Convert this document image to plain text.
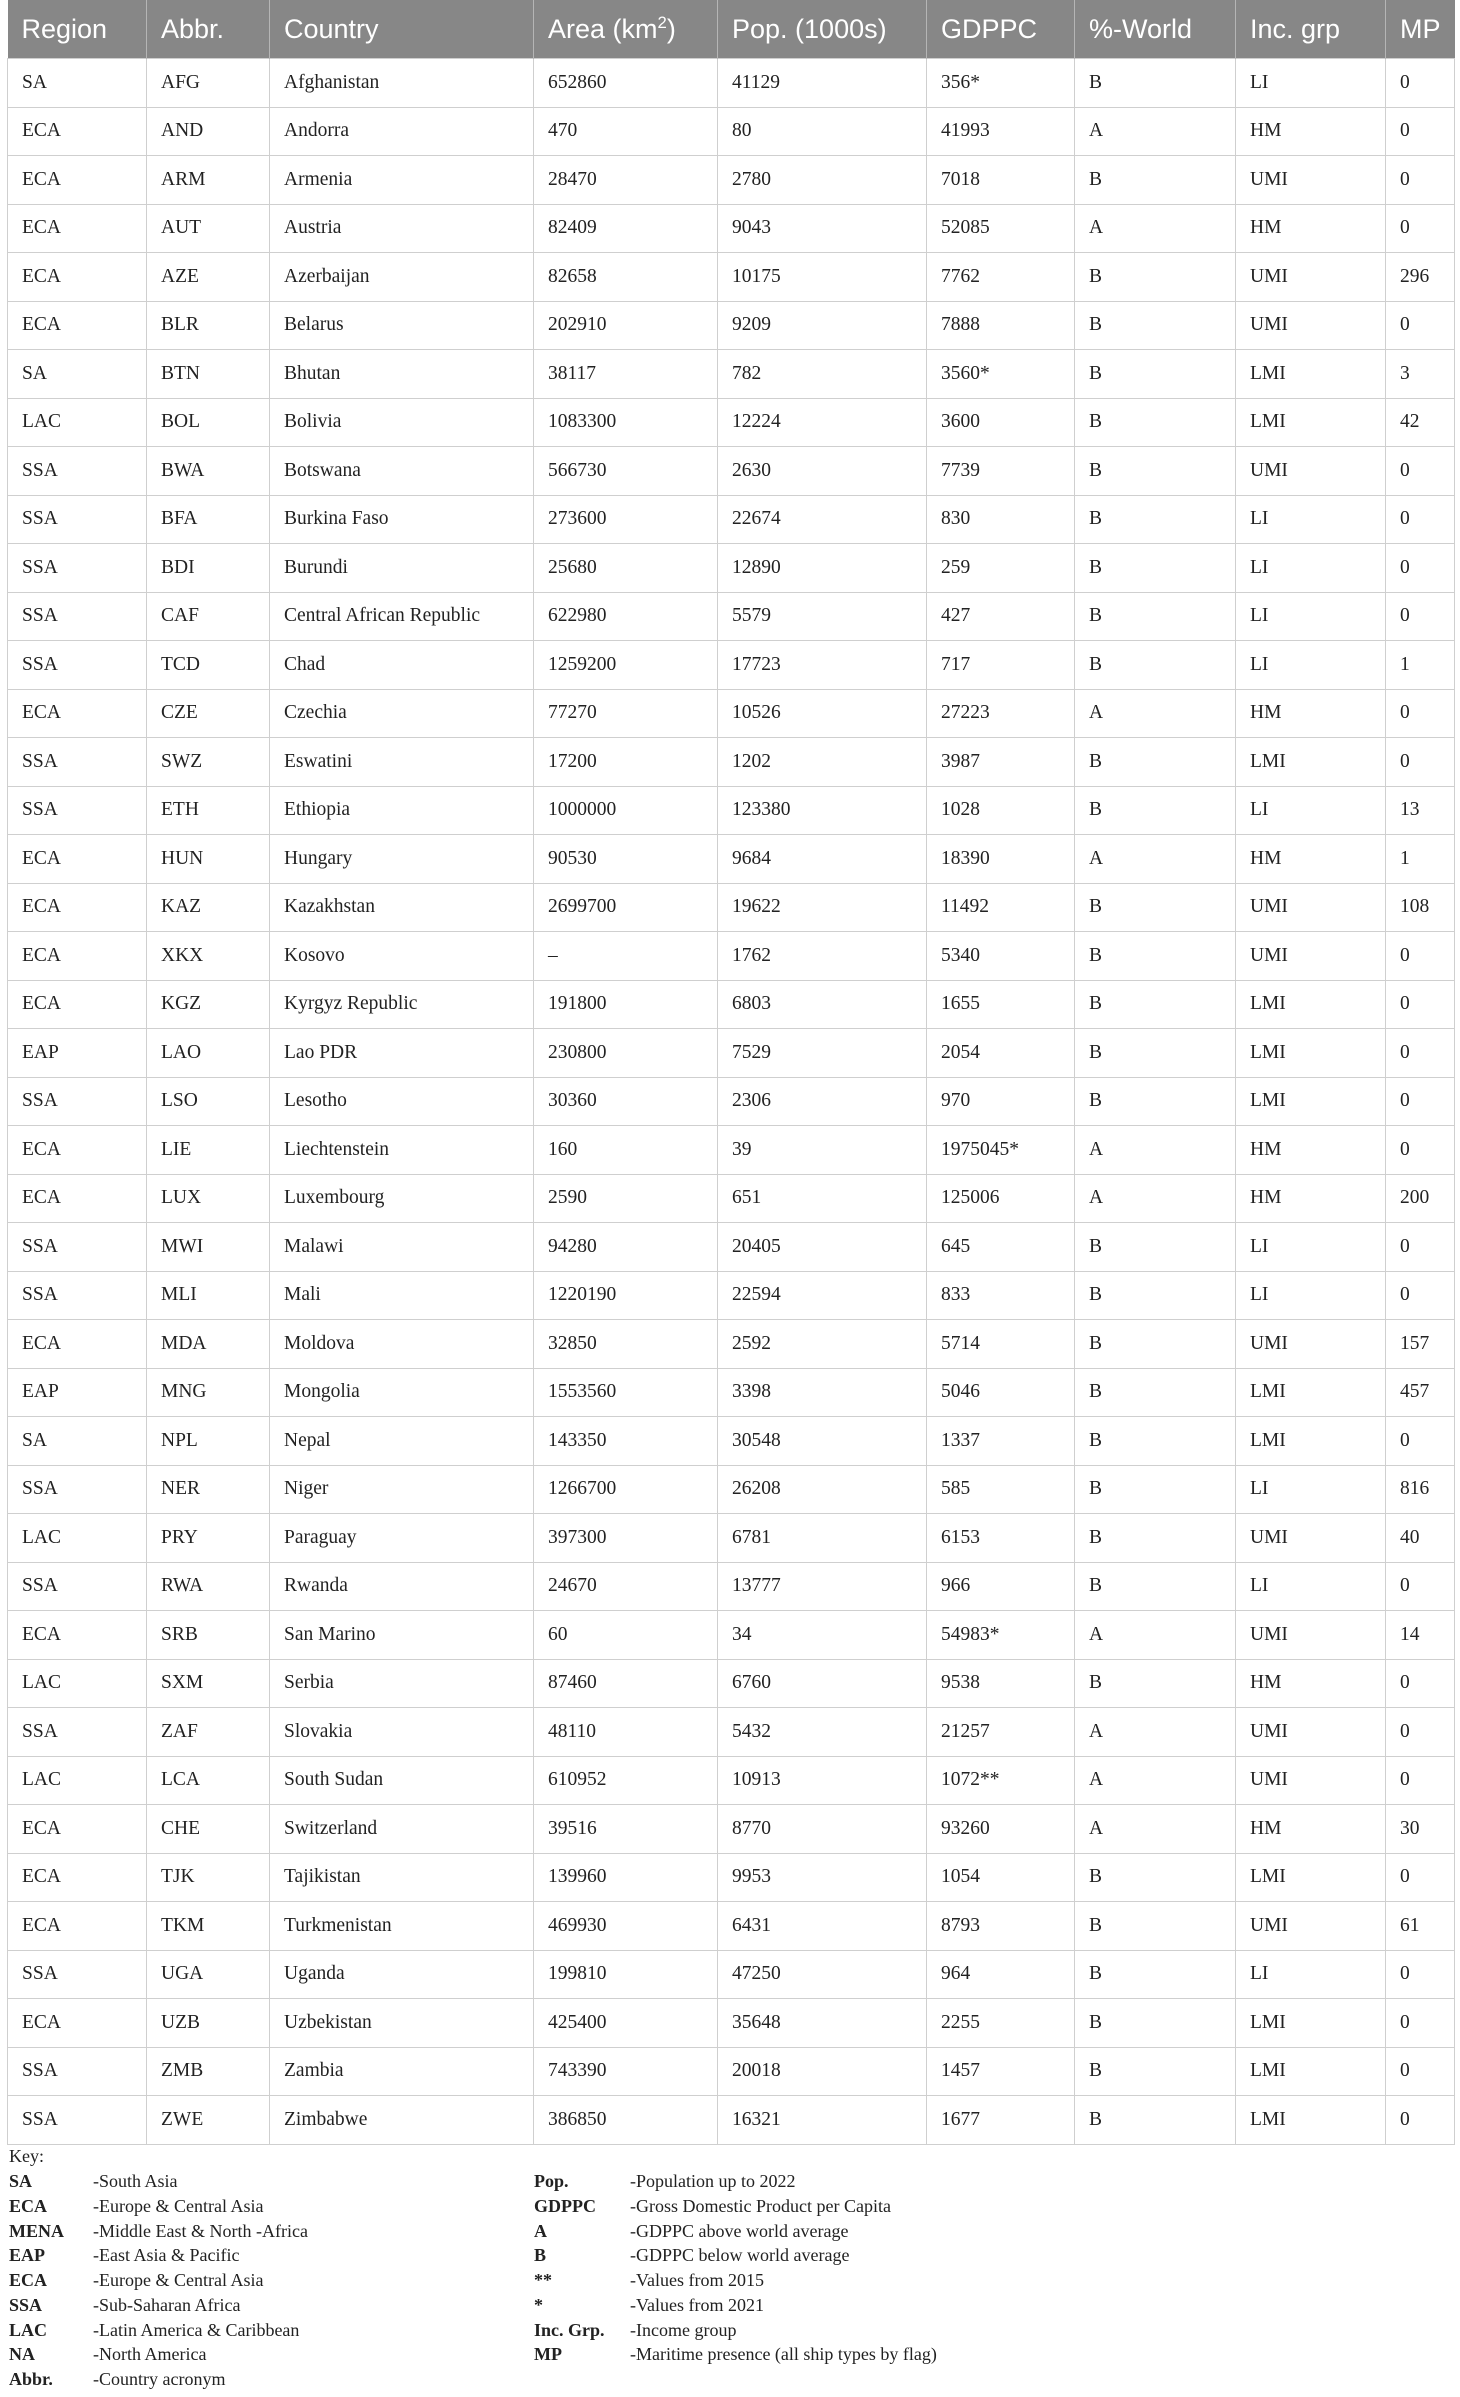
Region	Abbr.	Country	Area $(km^2)$	Pop. (1000s)	GDPPC	%-World	Inc. grp	MP
SA	AFG	Afghanistan	652860	41129	356*	B	LI	0
ECA	AND	Andorra	470	80	41993	A	HM	0
ECA	ARM	Armenia	28470	2780	7018	B	UMI	0
ECA	AUT	Austria	82409	9043	52085	A	HM	0
ECA	AZE	Azerbaijan	82658	10175	7762	B	UMI	296
ECA	BLR	Belarus	202910	9209	7888	B	UMI	0
SA	BTN	Bhutan	38117	782	3560*	B	LMI	3
LAC	BOL	Bolivia	1083300	12224	3600	B	LMI	42
SSA	BWA	Botswana	566730	2630	7739	B	UMI	0
SSA	BFA	Burkina Faso	273600	22674	830	B	LI	0
SSA	BDI	Burundi	25680	12890	259	B	LI	0
SSA	CAF	Central African Republic	622980	5579	427	B	LI	0
SSA	TCD	Chad	1259200	17723	717	B	LI	1
ECA	CZE	Czechia	77270	10526	27223	A	HM	0
SSA	SWZ	Eswatini	17200	1202	3987	B	LMI	0
SSA	ETH	Ethiopia	1000000	123380	1028	B	LI	13
ECA	HUN	Hungary	90530	9684	18390	A	HM	1
ECA	KAZ	Kazakhstan	2699700	19622	11492	B	UMI	108
ECA	XKX	Kosovo	–	1762	5340	B	UMI	0
ECA	KGZ	Kyrgyz Republic	191800	6803	1655	B	LMI	0
EAP	LAO	Lao PDR	230800	7529	2054	B	LMI	0
SSA	LSO	Lesotho	30360	2306	970	B	LMI	0
ECA	LIE	Liechtenstein	160	39	1975045*	A	HM	0
ECA	LUX	Luxembourg	2590	651	125006	A	HM	200
SSA	MWI	Malawi	94280	20405	645	B	LI	0
SSA	MLI	Mali	1220190	22594	833	B	LI	0
ECA	MDA	Moldova	32850	2592	5714	B	UMI	157
EAP	MNG	Mongolia	1553560	3398	5046	B	LMI	457
SA	NPL	Nepal	143350	30548	1337	B	LMI	0
SSA	NER	Niger	1266700	26208	585	B	LI	816
LAC	PRY	Paraguay	397300	6781	6153	B	UMI	40
SSA	RWA	Rwanda	24670	13777	966	B	LI	0
ECA	SRB	San Marino	60	34	54983*	A	UMI	14
LAC	SXM	Serbia	87460	6760	9538	B	HM	0
SSA	ZAF	Slovakia	48110	5432	21257	A	UMI	0
LAC	LCA	South Sudan	610952	10913	1072**	A	UMI	0
ECA	CHE	Switzerland	39516	8770	93260	A	HM	30
ECA	TJK	Tajikistan	139960	9953	1054	B	LMI	0
ECA	TKM	Turkmenistan	469930	6431	8793	B	UMI	61
SSA	UGA	Uganda	199810	47250	964	B	LI	0
ECA	UZB	Uzbekistan	425400	35648	2255	B	LMI	0
SSA	ZMB	Zambia	743390	20018	1457	B	LMI	0
SSA	ZWE	Zimbabwe	386850	16321	1677	B	LMI	0
Key:
SA	-South Asia	Pop.	-Population up to 2022
ECA	-Europe & Central Asia	GDPPC -Gross Domestic Product per Capita
MENA -Middle East & North -Africa	A	-GDPPC above world average
EAP	-East Asia & Pacific	B	-GDPPC below world average
ECA	-Europe & Central Asia	**	-Values from 2015
SSA	-Sub-Saharan Africa	*	-Values from 2021
LAC	-Latin America & Caribbean	Inc. Grp. -Income group
NA	-North America	MP	-Maritime presence (all ship types by flag)
Abbr. -Country acronym
